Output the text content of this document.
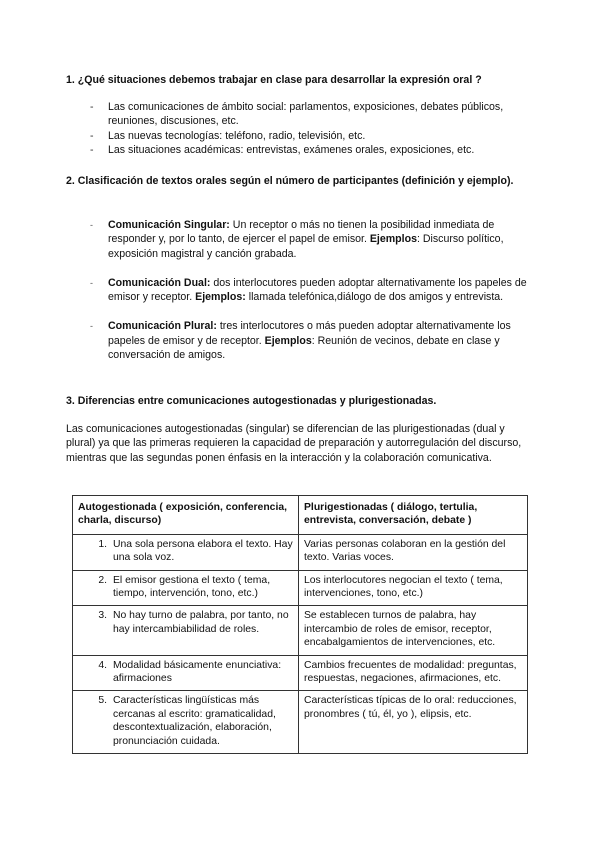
1. ¿Qué situaciones debemos trabajar en clase para desarrollar la expresión oral ?
- Las comunicaciones de ámbito social: parlamentos, exposiciones, debates públicos, reuniones, discusiones, etc.
- Las nuevas tecnologías: teléfono, radio, televisión, etc.
- Las situaciones académicas: entrevistas, exámenes orales, exposiciones, etc.
2. Clasificación de textos orales según el número de participantes (definición y ejemplo).
- Comunicación Singular: Un receptor o más no tienen la posibilidad inmediata de responder y, por lo tanto, de ejercer el papel de emisor. Ejemplos: Discurso político, exposición magistral y canción grabada.
- Comunicación Dual: dos interlocutores pueden adoptar alternativamente los papeles de emisor y receptor. Ejemplos: llamada telefónica,diálogo de dos amigos y entrevista.
- Comunicación Plural: tres interlocutores o más pueden adoptar alternativamente los papeles de emisor y de receptor. Ejemplos: Reunión de vecinos, debate en clase y conversación de amigos.
3. Diferencias entre comunicaciones autogestionadas y plurigestionadas.
Las comunicaciones autogestionadas (singular) se diferencian de las plurigestionadas (dual y plural) ya que las primeras requieren la capacidad de preparación y autorregulación del discurso, mientras que las segundas ponen énfasis en la interacción y la colaboración comunicativa.
Autogestionada ( exposición, conferencia, charla, discurso)	Plurigestionadas ( diálogo, tertulia, entrevista, conversación, debate )

1. Una sola persona elabora el texto. Hay una sola voz.	Varias personas colaboran en la gestión del texto. Varias voces.

2. El emisor gestiona el texto ( tema, tiempo, intervención, tono, etc.)	Los interlocutores negocian el texto ( tema, intervenciones, tono, etc.)

3. No hay turno de palabra, por tanto, no hay intercambiabilidad de roles.	Se establecen turnos de palabra, hay intercambio de roles de emisor, receptor, encabalgamientos de intervenciones, etc.

4. Modalidad básicamente enunciativa: afirmaciones	Cambios frecuentes de modalidad: preguntas, respuestas, negaciones, afirmaciones, etc.

5. Características lingüísticas más cercanas al escrito: gramaticalidad, descontextualización, elaboración, pronunciación cuidada.	Características típicas de lo oral: reducciones, pronombres ( tú, él, yo ), elipsis, etc.
